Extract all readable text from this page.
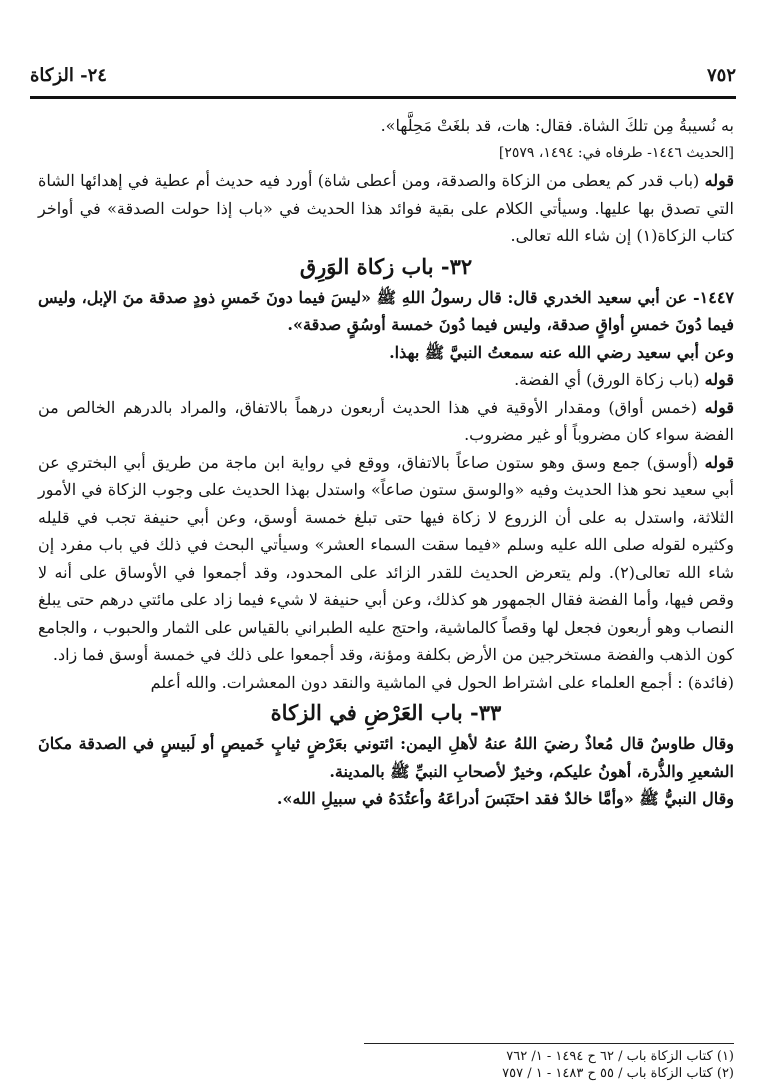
٧٥٢
٢٤- الزكاة

به نُسيبةُ مِن تلكَ الشاة. فقال: هات، قد بلغَتْ مَحِلَّها».

[الحديث ١٤٤٦- طرفاه في: ١٤٩٤، ٢٥٧٩]

قوله (باب قدر كم يعطى من الزكاة والصدقة، ومن أعطى شاة) أورد فيه حديث أم عطية في إهدائها الشاة التي تصدق بها عليها. وسيأتي الكلام على بقية فوائد هذا الحديث في «باب إذا حولت الصدقة» في أواخر كتاب الزكاة(١) إن شاء الله تعالى.

٣٢- باب زكاة الوَرِق

١٤٤٧- عن أبي سعيد الخدري قال: قال رسولُ اللهِ ﷺ «ليسَ فيما دونَ خَمسِ ذودٍ صدقة منَ الإبل، وليس فيما دُونَ خمسِ أواقٍ صدقة، وليس فيما دُونَ خمسة أوسُقٍ صدقة».

وعن أبي سعيد رضي الله عنه سمعتُ النبيَّ ﷺ بهذا.

قوله (باب زكاة الورق) أي الفضة.

قوله (خمس أواق) ومقدار الأوقية في هذا الحديث أربعون درهماً بالاتفاق، والمراد بالدرهم الخالص من الفضة سواء كان مضروباً أو غير مضروب.

قوله (أوسق) جمع وسق وهو ستون صاعاً بالاتفاق، ووقع في رواية ابن ماجة من طريق أبي البختري عن أبي سعيد نحو هذا الحديث وفيه «والوسق ستون صاعاً» واستدل بهذا الحديث على وجوب الزكاة في الأمور الثلاثة، واستدل به على أن الزروع لا زكاة فيها حتى تبلغ خمسة أوسق، وعن أبي حنيفة تجب في قليله وكثيره لقوله صلى الله عليه وسلم «فيما سقت السماء العشر» وسيأتي البحث في ذلك في باب مفرد إن شاء الله تعالى(٢). ولم يتعرض الحديث للقدر الزائد على المحدود، وقد أجمعوا في الأوساق على أنه لا وقص فيها، وأما الفضة فقال الجمهور هو كذلك، وعن أبي حنيفة لا شيء فيما زاد على مائتي درهم حتى يبلغ النصاب وهو أربعون فجعل لها وقصاً كالماشية، واحتج عليه الطبراني بالقياس على الثمار والحبوب ، والجامع كون الذهب والفضة مستخرجين من الأرض بكلفة ومؤنة، وقد أجمعوا على ذلك في خمسة أوسق فما زاد.

(فائدة) : أجمع العلماء على اشتراط الحول في الماشية والنقد دون المعشرات. والله أعلم

٣٣- باب العَرْضِ في الزكاة

وقال طاوسٌ قال مُعاذٌ رضيَ اللهُ عنهُ لأهلِ اليمن: ائتوني بعَرْضٍ ثيابٍ خَميصٍ أو لَبيسٍ في الصدقة مكانَ الشعيرِ والذُّرة، أهونُ عليكم، وخيرٌ لأصحابِ النبيِّ ﷺ بالمدينة.

وقال النبيُّ ﷺ «وأمَّا خالدٌ فقد احتَبَسَ أدراعَهُ وأعتُدَهُ في سبيلِ الله».

(١) كتاب الزكاة باب / ٦٢ ح ١٤٩٤ - ١/ ٧٦٢

(٢) كتاب الزكاة باب / ٥٥ ح ١٤٨٣ - ١ / ٧٥٧
